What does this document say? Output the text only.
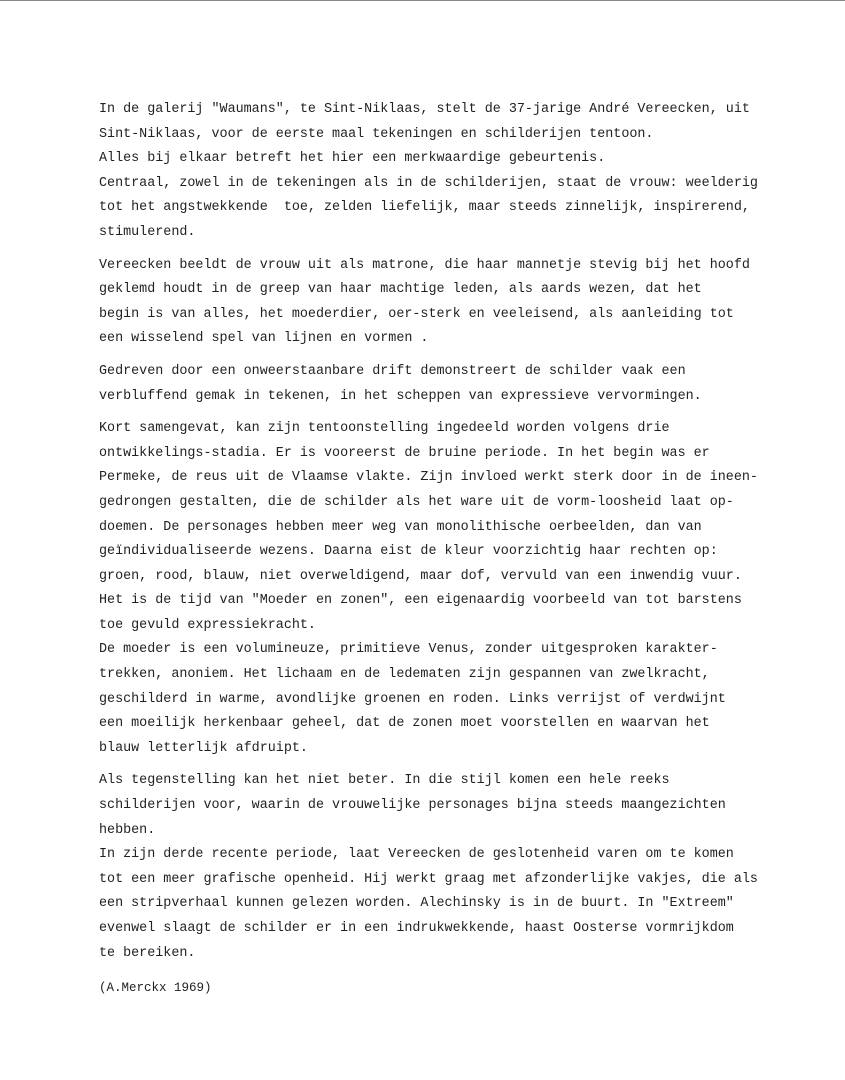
In de galerij "Waumans", te Sint-Niklaas, stelt de 37-jarige André Vereecken, uit
Sint-Niklaas, voor de eerste maal tekeningen en schilderijen tentoon.
Alles bij elkaar betreft het hier een merkwaardige gebeurtenis.
Centraal, zowel in de tekeningen als in de schilderijen, staat de vrouw: weelderig
tot het angstwekkende  toe, zelden liefelijk, maar steeds zinnelijk, inspirerend,
stimulerend.
Vereecken beeldt de vrouw uit als matrone, die haar mannetje stevig bij het hoofd
geklemd houdt in de greep van haar machtige leden, als aards wezen, dat het
begin is van alles, het moederdier, oer-sterk en veeleisend, als aanleiding tot
een wisselend spel van lijnen en vormen .
Gedreven door een onweerstaanbare drift demonstreert de schilder vaak een
verbluffend gemak in tekenen, in het scheppen van expressieve vervormingen.
Kort samengevat, kan zijn tentoonstelling ingedeeld worden volgens drie
ontwikkelings-stadia. Er is vooreerst de bruine periode. In het begin was er
Permeke, de reus uit de Vlaamse vlakte. Zijn invloed werkt sterk door in de ineen-
gedrongen gestalten, die de schilder als het ware uit de vorm-loosheid laat op-
doemen. De personages hebben meer weg van monolithische oerbeelden, dan van
geïndividualiseerde wezens. Daarna eist de kleur voorzichtig haar rechten op:
groen, rood, blauw, niet overweldigend, maar dof, vervuld van een inwendig vuur.
Het is de tijd van "Moeder en zonen", een eigenaardig voorbeeld van tot barstens
toe gevuld expressiekracht.
De moeder is een volumineuze, primitieve Venus, zonder uitgesproken karakter-
trekken, anoniem. Het lichaam en de ledematen zijn gespannen van zwelkracht,
geschilderd in warme, avondlijke groenen en roden. Links verrijst of verdwijnt
een moeilijk herkenbaar geheel, dat de zonen moet voorstellen en waarvan het
blauw letterlijk afdruipt.
Als tegenstelling kan het niet beter. In die stijl komen een hele reeks
schilderijen voor, waarin de vrouwelijke personages bijna steeds maangezichten
hebben.
In zijn derde recente periode, laat Vereecken de geslotenheid varen om te komen
tot een meer grafische openheid. Hij werkt graag met afzonderlijke vakjes, die als
een stripverhaal kunnen gelezen worden. Alechinsky is in de buurt. In "Extreem"
evenwel slaagt de schilder er in een indrukwekkende, haast Oosterse vormrijkdom
te bereiken.
(A.Merckx 1969)
